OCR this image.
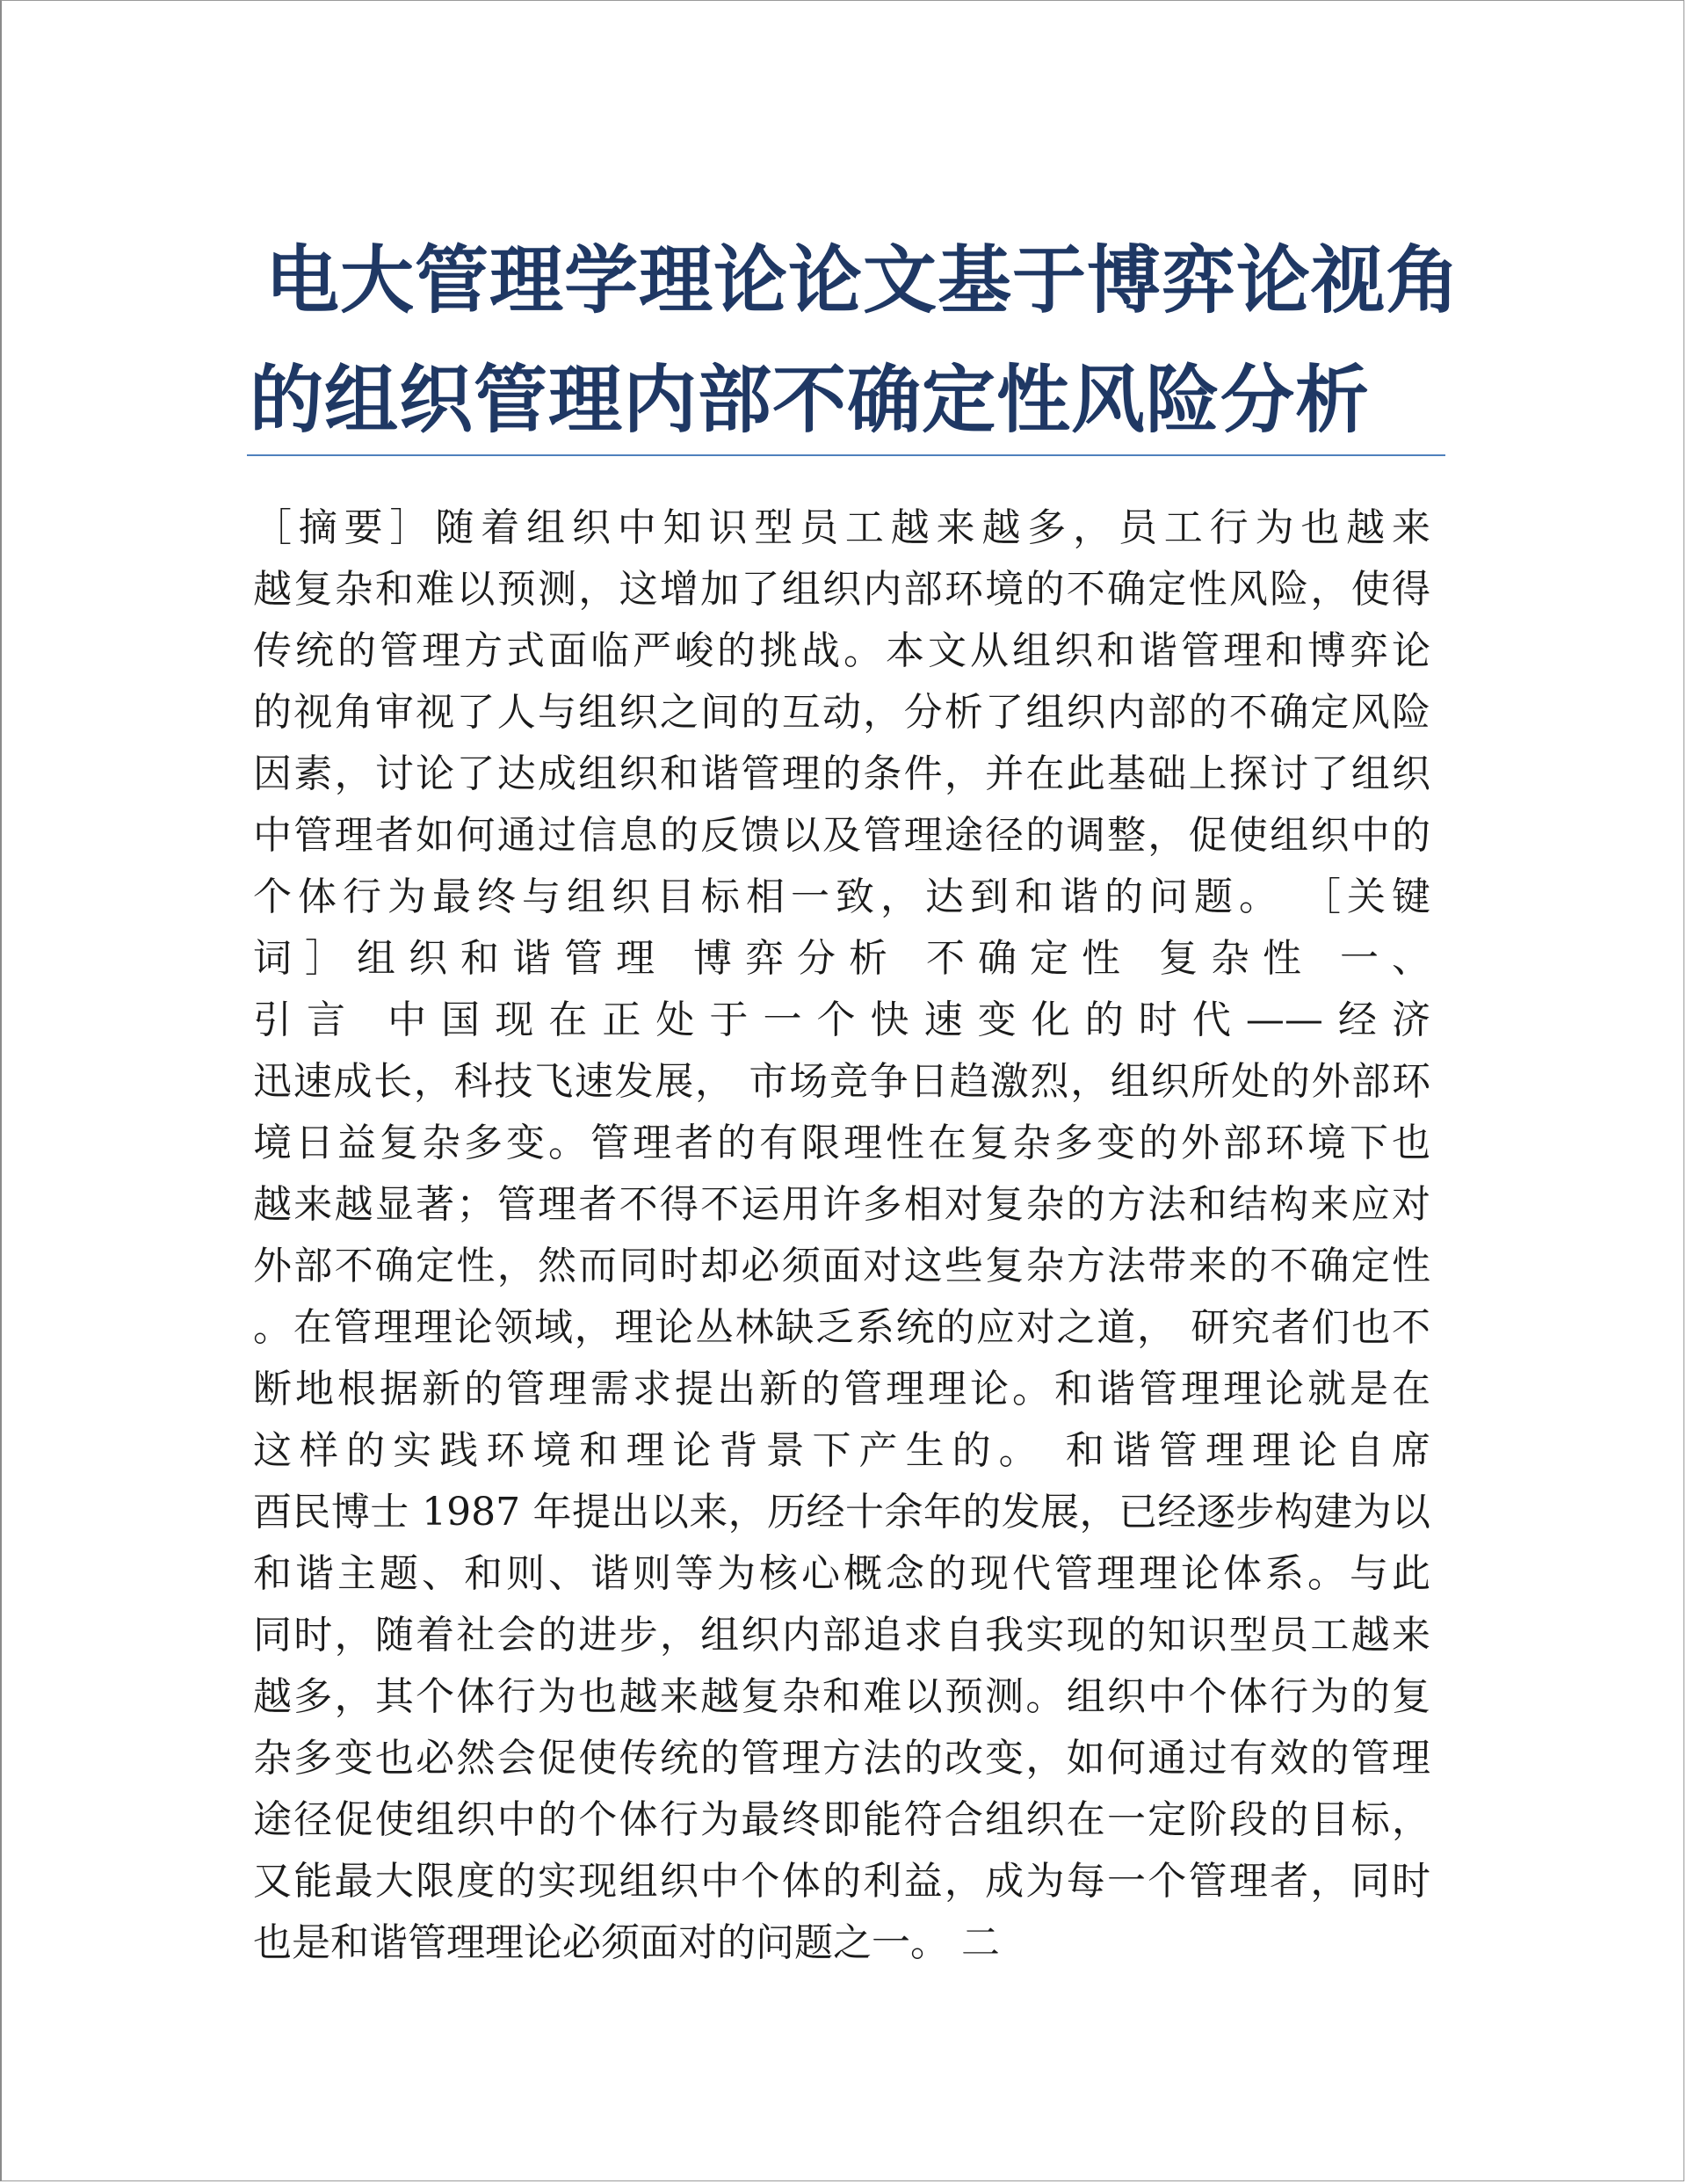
电大管理学理论论文基于博弈论视角
的组织管理内部不确定性风险分析
［摘要］随着组织中知识型员工越来越多，员工行为也越来
越复杂和难以预测，这增加了组织内部环境的不确定性风险，使得
传统的管理方式面临严峻的挑战。本文从组织和谐管理和博弈论
的视角审视了人与组织之间的互动，分析了组织内部的不确定风险
因素，讨论了达成组织和谐管理的条件，并在此基础上探讨了组织
中管理者如何通过信息的反馈以及管理途径的调整，促使组织中的
个体行为最终与组织目标相一致，达到和谐的问题。 ［关键
词］组织和谐管理 博弈分析 不确定性 复杂性 一、
引言 中国现在正处于一个快速变化的时代——经济
迅速成长，科技飞速发展， 市场竞争日趋激烈，组织所处的外部环
境日益复杂多变。管理者的有限理性在复杂多变的外部环境下也
越来越显著；管理者不得不运用许多相对复杂的方法和结构来应对
外部不确定性，然而同时却必须面对这些复杂方法带来的不确定性
。在管理理论领域，理论丛林缺乏系统的应对之道， 研究者们也不
断地根据新的管理需求提出新的管理理论。和谐管理理论就是在
这样的实践环境和理论背景下产生的。 和谐管理理论自席
酉民博士 1987 年提出以来，历经十余年的发展，已经逐步构建为以
和谐主题、和则、谐则等为核心概念的现代管理理论体系。与此
同时，随着社会的进步，组织内部追求自我实现的知识型员工越来
越多，其个体行为也越来越复杂和难以预测。组织中个体行为的复
杂多变也必然会促使传统的管理方法的改变，如何通过有效的管理
途径促使组织中的个体行为最终即能符合组织在一定阶段的目标，
又能最大限度的实现组织中个体的利益，成为每一个管理者，同时
也是和谐管理理论必须面对的问题之一。 二
